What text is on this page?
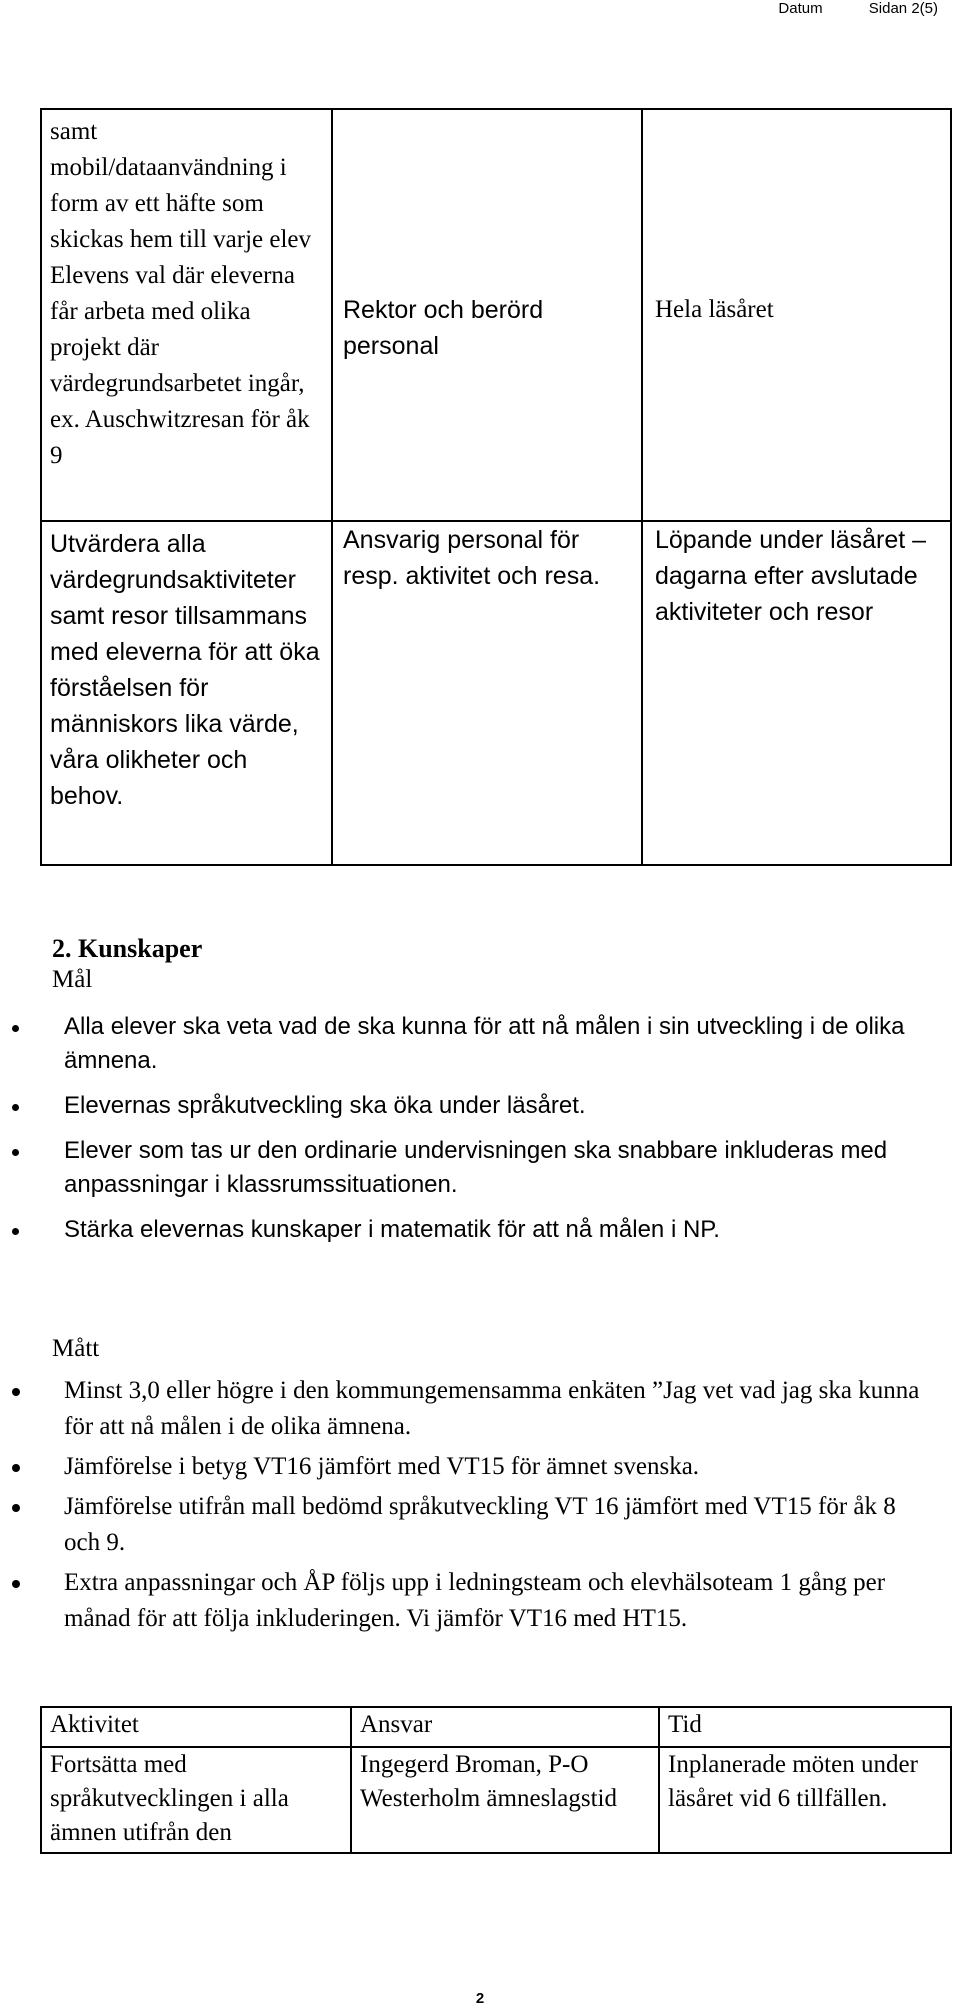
Datum	Sidan 2(5)

samt mobil/dataanvändning i form av ett häfte som skickas hem till varje elev

Elevens val där eleverna får arbeta med olika projekt där värdegrundsarbetet ingår, ex. Auschwitzresan för åk 9	Rektor och berörd personal	Hela läsåret

Utvärdera alla värdegrundsaktiviteter samt resor tillsammans med eleverna för att öka förståelsen för människors lika värde, våra olikheter och behov.	Ansvarig personal för resp. aktivitet och resa.	Löpande under läsåret – dagarna efter avslutade aktiviteter och resor

2. Kunskaper
Mål
Alla elever ska veta vad de ska kunna för att nå målen i sin utveckling i de olika ämnena.
Elevernas språkutveckling ska öka under läsåret.
Elever som tas ur den ordinarie undervisningen ska snabbare inkluderas med anpassningar i klassrumssituationen.
Stärka elevernas kunskaper i matematik för att nå målen i NP.
Mått
Minst 3,0 eller högre i den kommungemensamma enkäten ”Jag vet vad jag ska kunna för att nå målen i de olika ämnena.
Jämförelse i betyg VT16 jämfört med VT15 för ämnet svenska.
Jämförelse utifrån mall bedömd språkutveckling VT 16 jämfört med VT15 för åk 8 och 9.
Extra anpassningar och ÅP följs upp i ledningsteam och elevhälsoteam 1 gång per månad för att följa inkluderingen. Vi jämför VT16 med HT15.
Aktivitet	Ansvar	Tid
Fortsätta med språkutvecklingen i alla ämnen utifrån den	Ingegerd Broman, P-O Westerholm ämneslagstid	Inplanerade möten under läsåret vid 6 tillfällen.
2
